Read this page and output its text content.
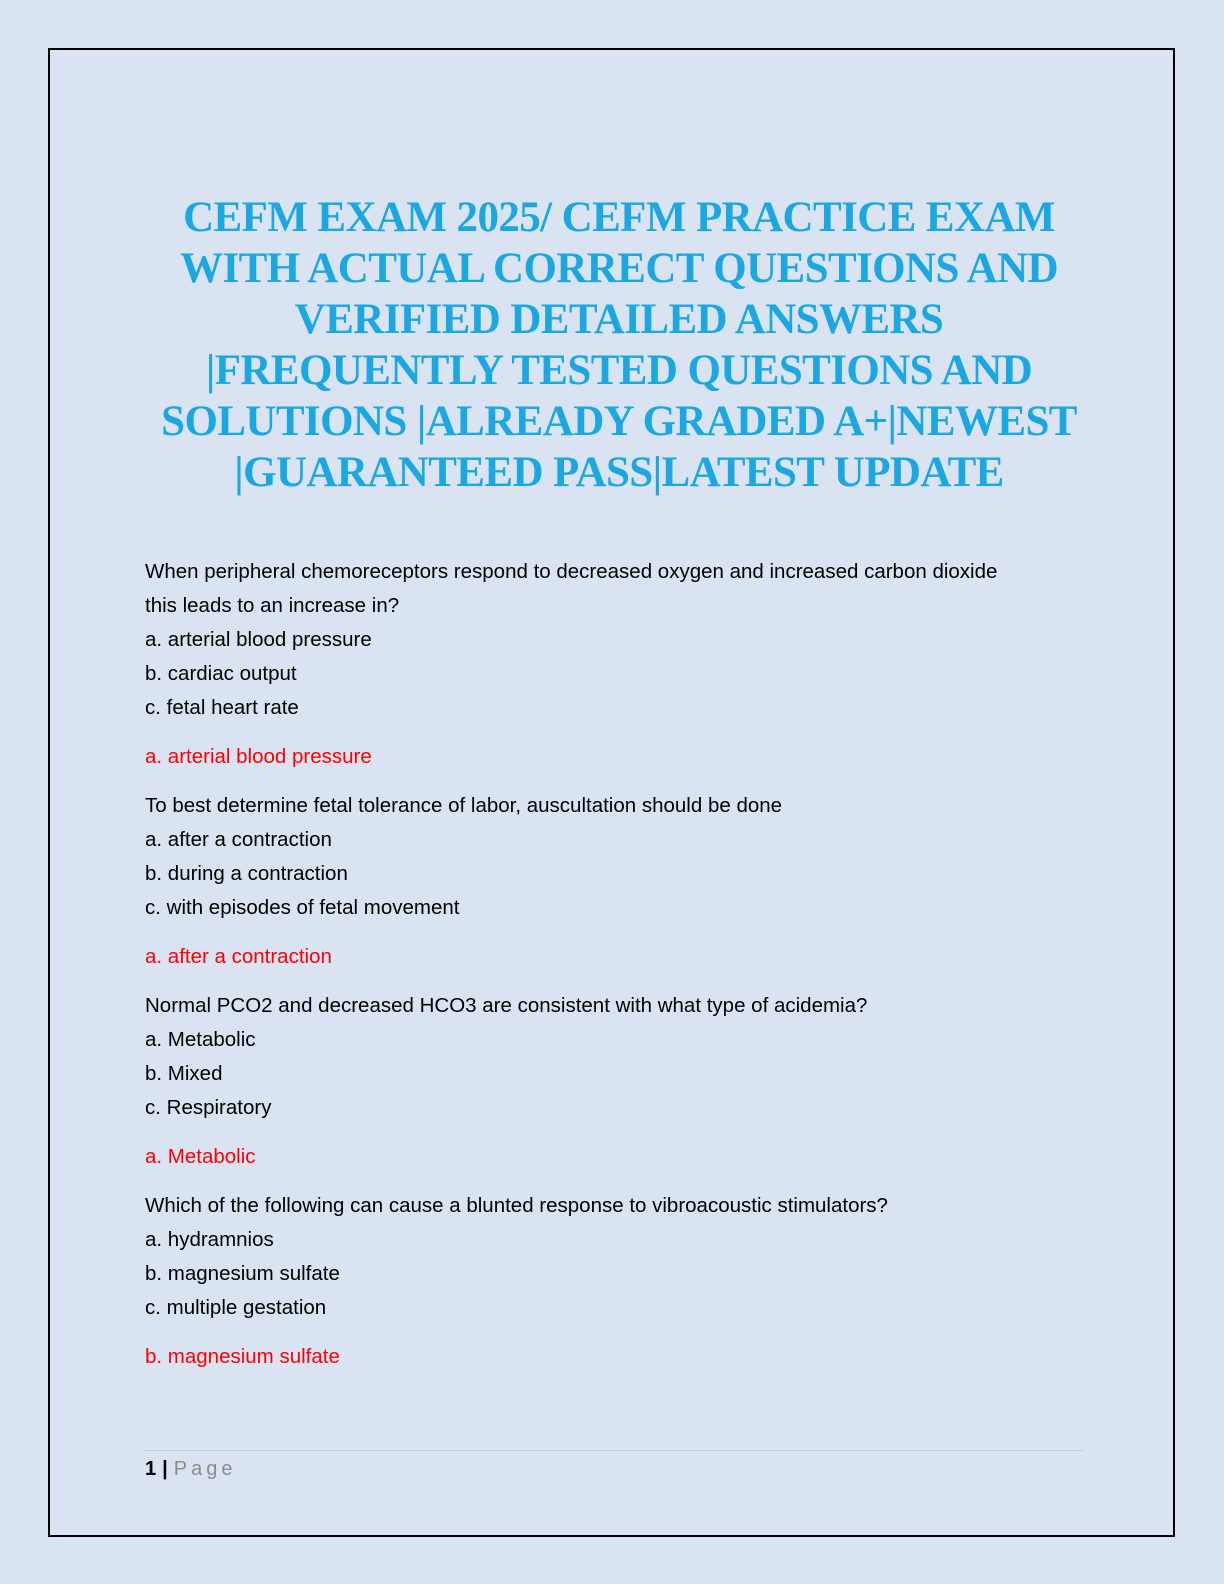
CEFM EXAM 2025/ CEFM PRACTICE EXAM
WITH ACTUAL CORRECT QUESTIONS AND
VERIFIED DETAILED ANSWERS
|FREQUENTLY TESTED QUESTIONS AND
SOLUTIONS |ALREADY GRADED A+|NEWEST
|GUARANTEED PASS|LATEST UPDATE
When peripheral chemoreceptors respond to decreased oxygen and increased carbon dioxide
this leads to an increase in?
a. arterial blood pressure
b. cardiac output
c. fetal heart rate
a. arterial blood pressure
To best determine fetal tolerance of labor, auscultation should be done
a. after a contraction
b. during a contraction
c. with episodes of fetal movement
a. after a contraction
Normal PCO2 and decreased HCO3 are consistent with what type of acidemia?
a. Metabolic
b. Mixed
c. Respiratory
a. Metabolic
Which of the following can cause a blunted response to vibroacoustic stimulators?
a. hydramnios
b. magnesium sulfate
c. multiple gestation
b. magnesium sulfate
1 | Page
